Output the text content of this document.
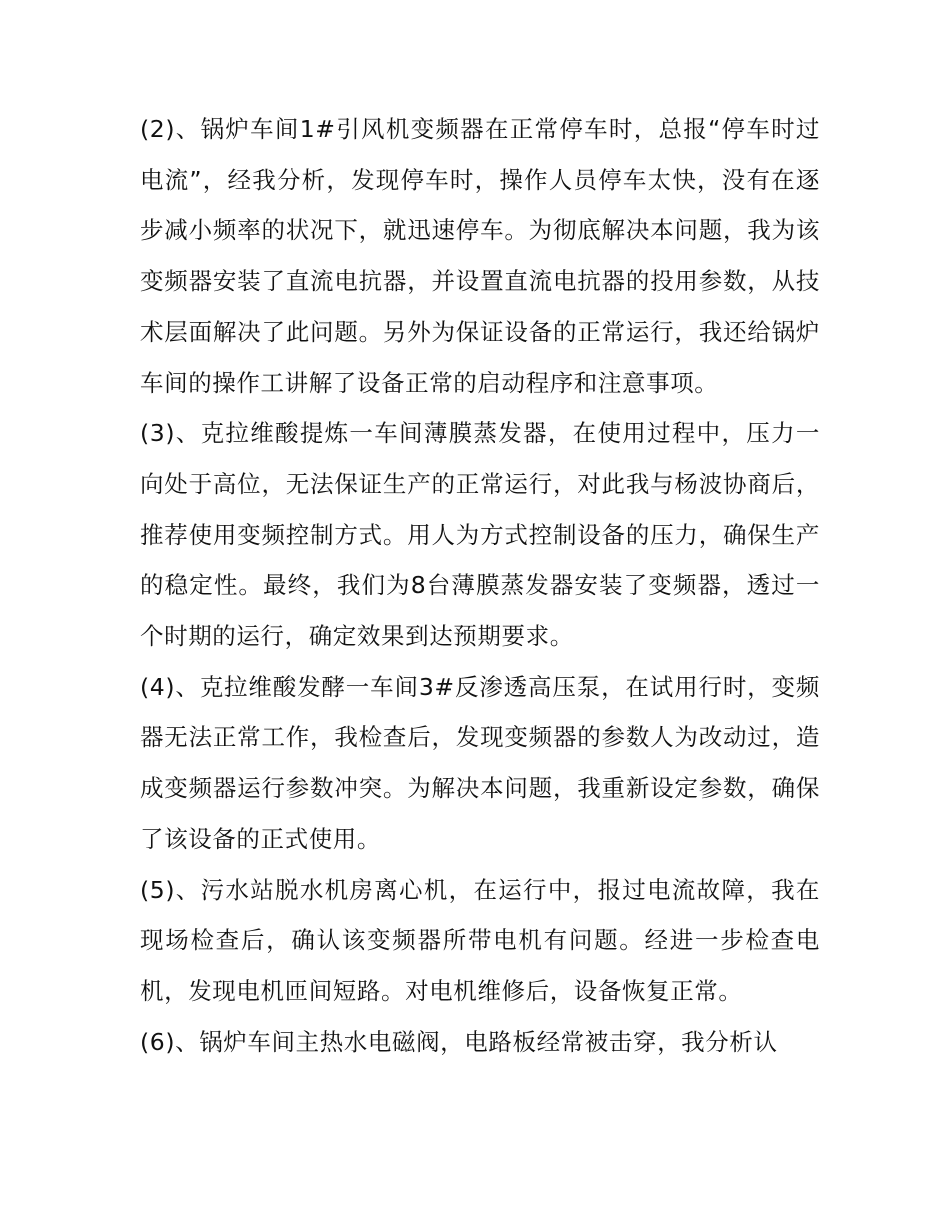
(2)、锅炉车间1#引风机变频器在正常停车时，总报“停车时过电流”，经我分析，发现停车时，操作人员停车太快，没有在逐步减小频率的状况下，就迅速停车。为彻底解决本问题，我为该变频器安装了直流电抗器，并设置直流电抗器的投用参数，从技术层面解决了此问题。另外为保证设备的正常运行，我还给锅炉车间的操作工讲解了设备正常的启动程序和注意事项。

(3)、克拉维酸提炼一车间薄膜蒸发器，在使用过程中，压力一向处于高位，无法保证生产的正常运行，对此我与杨波协商后，推荐使用变频控制方式。用人为方式控制设备的压力，确保生产的稳定性。最终，我们为8台薄膜蒸发器安装了变频器，透过一个时期的运行，确定效果到达预期要求。

(4)、克拉维酸发酵一车间3#反渗透高压泵，在试用行时，变频器无法正常工作，我检查后，发现变频器的参数人为改动过，造成变频器运行参数冲突。为解决本问题，我重新设定参数，确保了该设备的正式使用。

(5)、污水站脱水机房离心机，在运行中，报过电流故障，我在现场检查后，确认该变频器所带电机有问题。经进一步检查电机，发现电机匝间短路。对电机维修后，设备恢复正常。

(6)、锅炉车间主热水电磁阀，电路板经常被击穿，我分析认
